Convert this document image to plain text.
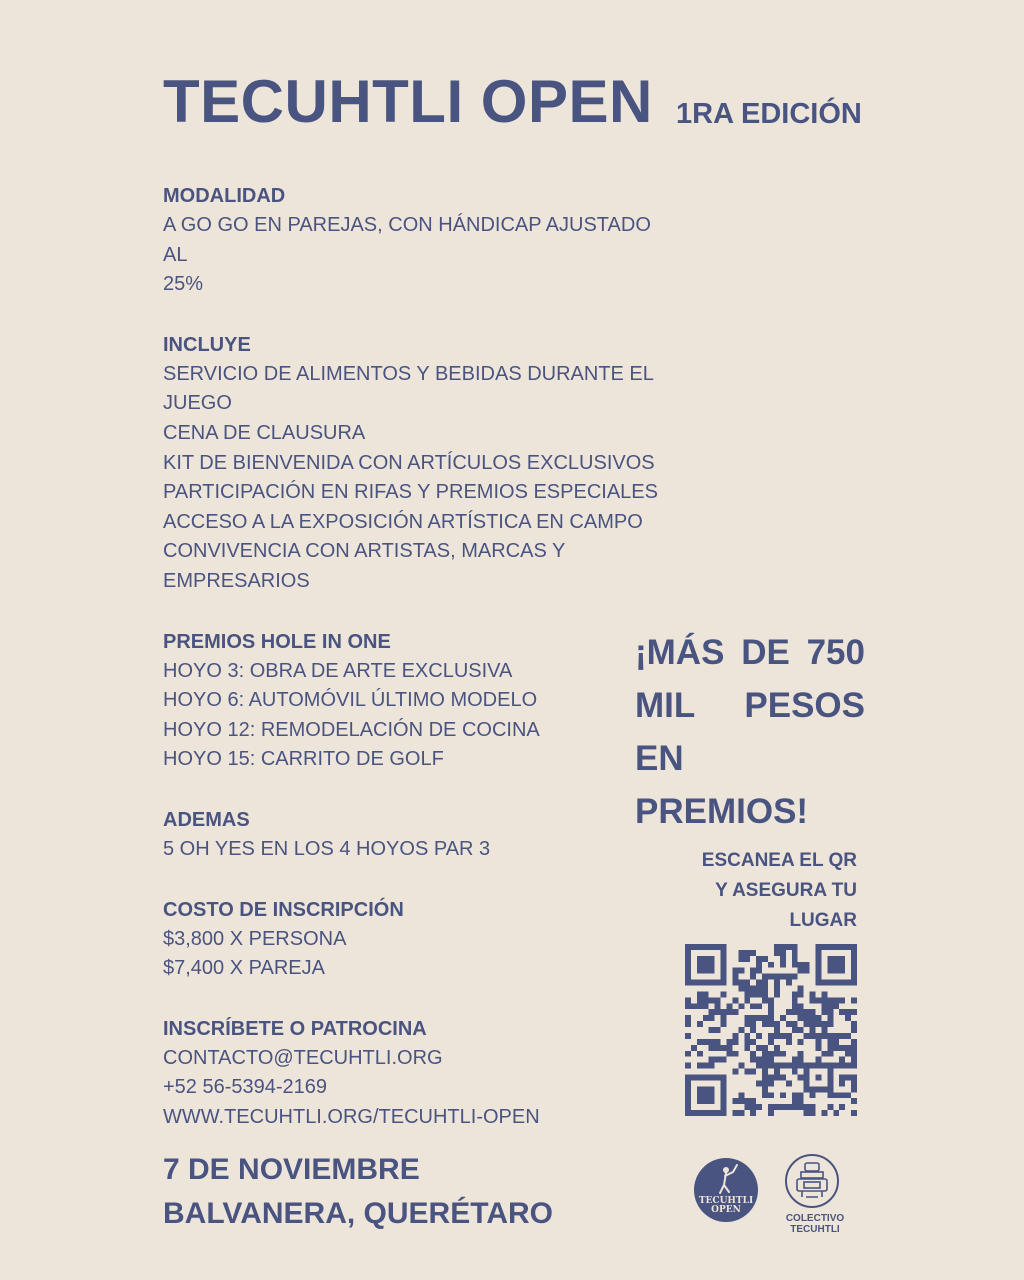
TECUHTLI OPEN 1RA EDICIÓN
MODALIDAD
A GO GO EN PAREJAS, CON HÁNDICAP AJUSTADO AL
25%
INCLUYE
SERVICIO DE ALIMENTOS Y BEBIDAS DURANTE EL
JUEGO
CENA DE CLAUSURA
KIT DE BIENVENIDA CON ARTÍCULOS EXCLUSIVOS
PARTICIPACIÓN EN RIFAS Y PREMIOS ESPECIALES
ACCESO A LA EXPOSICIÓN ARTÍSTICA EN CAMPO
CONVIVENCIA CON ARTISTAS, MARCAS Y
EMPRESARIOS
PREMIOS HOLE IN ONE
HOYO 3: OBRA DE ARTE EXCLUSIVA
HOYO 6: AUTOMÓVIL ÚLTIMO MODELO
HOYO 12: REMODELACIÓN DE COCINA
HOYO 15: CARRITO DE GOLF
ADEMAS
5 OH YES EN LOS 4 HOYOS PAR 3
COSTO DE INSCRIPCIÓN
$3,800 X PERSONA
$7,400 X PAREJA
INSCRÍBETE O PATROCINA
CONTACTO@TECUHTLI.ORG
+52 56-5394-2169
WWW.TECUHTLI.ORG/TECUHTLI-OPEN
7 DE NOVIEMBRE
BALVANERA, QUERÉTARO
¡MÁS DE 750
MIL PESOS
EN PREMIOS!
ESCANEA EL QR
Y ASEGURA TU
LUGAR
TECUHTLI
OPEN
COLECTIVO TECUHTLI
